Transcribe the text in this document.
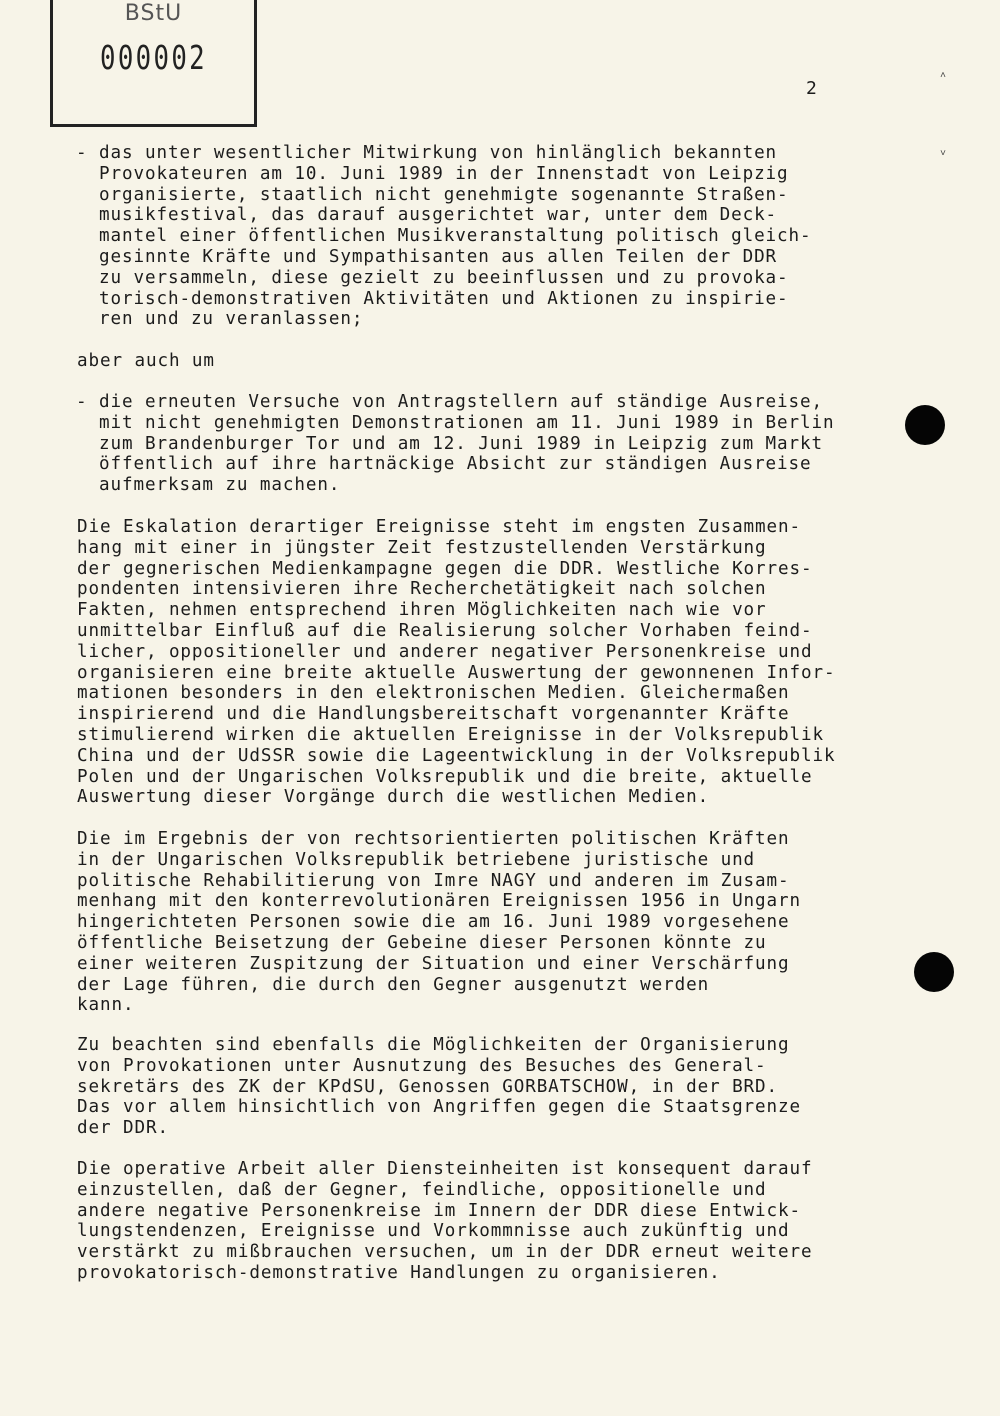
BStU
000002
2
˄
˅
- das unter wesentlicher Mitwirkung von hinlänglich bekannten
Provokateuren am 10. Juni 1989 in der Innenstadt von Leipzig
organisierte, staatlich nicht genehmigte sogenannte Straßen-
musikfestival, das darauf ausgerichtet war, unter dem Deck-
mantel einer öffentlichen Musikveranstaltung politisch gleich-
gesinnte Kräfte und Sympathisanten aus allen Teilen der DDR
zu versammeln, diese gezielt zu beeinflussen und zu provoka-
torisch-demonstrativen Aktivitäten und Aktionen zu inspirie-
ren und zu veranlassen;
aber auch um
- die erneuten Versuche von Antragstellern auf ständige Ausreise,
mit nicht genehmigten Demonstrationen am 11. Juni 1989 in Berlin
zum Brandenburger Tor und am 12. Juni 1989 in Leipzig zum Markt
öffentlich auf ihre hartnäckige Absicht zur ständigen Ausreise
aufmerksam zu machen.
Die Eskalation derartiger Ereignisse steht im engsten Zusammen-
hang mit einer in jüngster Zeit festzustellenden Verstärkung
der gegnerischen Medienkampagne gegen die DDR. Westliche Korres-
pondenten intensivieren ihre Recherchetätigkeit nach solchen
Fakten, nehmen entsprechend ihren Möglichkeiten nach wie vor
unmittelbar Einfluß auf die Realisierung solcher Vorhaben feind-
licher, oppositioneller und anderer negativer Personenkreise und
organisieren eine breite aktuelle Auswertung der gewonnenen Infor-
mationen besonders in den elektronischen Medien. Gleichermaßen
inspirierend und die Handlungsbereitschaft vorgenannter Kräfte
stimulierend wirken die aktuellen Ereignisse in der Volksrepublik
China und der UdSSR sowie die Lageentwicklung in der Volksrepublik
Polen und der Ungarischen Volksrepublik und die breite, aktuelle
Auswertung dieser Vorgänge durch die westlichen Medien.
Die im Ergebnis der von rechtsorientierten politischen Kräften
in der Ungarischen Volksrepublik betriebene juristische und
politische Rehabilitierung von Imre NAGY und anderen im Zusam-
menhang mit den konterrevolutionären Ereignissen 1956 in Ungarn
hingerichteten Personen sowie die am 16. Juni 1989 vorgesehene
öffentliche Beisetzung der Gebeine dieser Personen könnte zu
einer weiteren Zuspitzung der Situation und einer Verschärfung
der Lage führen, die durch den Gegner ausgenutzt werden
kann.
Zu beachten sind ebenfalls die Möglichkeiten der Organisierung
von Provokationen unter Ausnutzung des Besuches des General-
sekretärs des ZK der KPdSU, Genossen GORBATSCHOW, in der BRD.
Das vor allem hinsichtlich von Angriffen gegen die Staatsgrenze
der DDR.
Die operative Arbeit aller Diensteinheiten ist konsequent darauf
einzustellen, daß der Gegner, feindliche, oppositionelle und
andere negative Personenkreise im Innern der DDR diese Entwick-
lungstendenzen, Ereignisse und Vorkommnisse auch zukünftig und
verstärkt zu mißbrauchen versuchen, um in der DDR erneut weitere
provokatorisch-demonstrative Handlungen zu organisieren.
